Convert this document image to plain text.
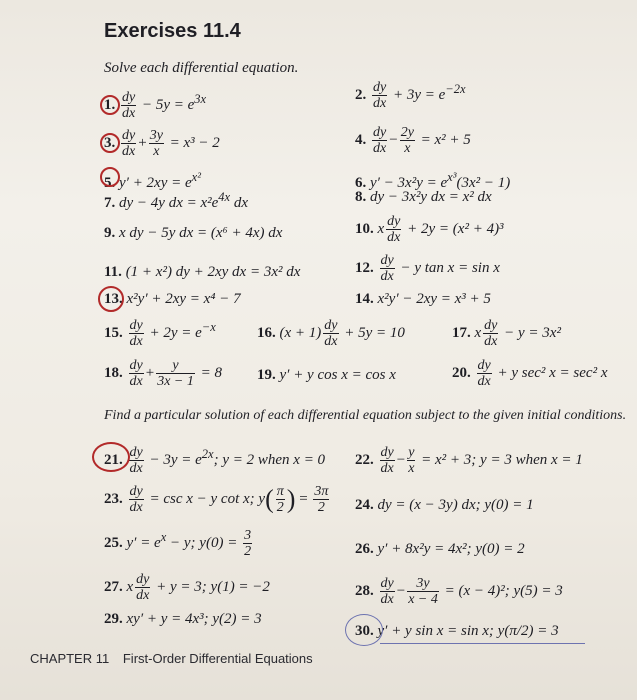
Exercises 11.4
Solve each differential equation.
1. $\frac{dy}{dx} - 5y = e^{3x}$	2. $\frac{dy}{dx} + 3y = e^{-2x}$
3. $\frac{dy}{dx} + \frac{3y}{x} = x^3 - 2$	4. $\frac{dy}{dx} - \frac{2y}{x} = x^2 + 5$
5. $y' + 2xy = e^{x^2}$	6. $y' - 3x^2y = e^{x^3}(3x^2 - 1)$
7. dy − 4y dx = $x^2e^{4x}$ dx	8. dy − 3x²y dx = x² dx
9. x dy − 5y dx = (x⁶ + 4x) dx	10. x $\frac{dy}{dx} + 2y = (x^2 + 4)^3$
11. (1 + x²) dy + 2xy dx = 3x² dx	12. $\frac{dy}{dx} - y$ tan x = sin x
13. x²y′ + 2xy = x⁴ − 7	14. x²y′ − 2xy = x³ + 5
15. $\frac{dy}{dx} + 2y = e^{-x}$	16. $(x + 1) \frac{dy}{dx} + 5y = 10$	17. x $\frac{dy}{dx} - y = 3x^2$
18. $\frac{dy}{dx} + \frac{y}{3x - 1} = 8$ 19. y′ + y cos x = cos x	20. $\frac{dy}{dx} + y$ sec² x = sec² x
Find a particular solution of each differential equation subject to the given initial conditions.
21. $\frac{dy}{dx} - 3y = e^{2x}$; y = 2 when x = 0 22. $\frac{dy}{dx} - \frac{y}{x} = x^2 + 3$; y = 3 when x = 1
23. $\frac{dy}{dx} = \csc x - y$ cot x; $y( \frac{\pi}{2}$ ) = $\frac{3\pi}{2} 24$. dy = (x − 3y) dx; y(0) = 1
25. $y' = e^x - y$; $y(0) = \frac{3}{2}$	26. y′ + 8x²y = 4x²; y(0) = 2
27. x $\frac{dy}{dx} + y = 3$; y(1) = −2	28. $\frac{dy}{dx} - \frac{3y}{x - 4} = (x - 4)^2$; y(5) = 3
29. xy′ + y = 4x³; y(2) = 3
30. y′ + y sin x = sin x; y(π/2) = 3
CHAPTER 11 First-Order Differential Equations
